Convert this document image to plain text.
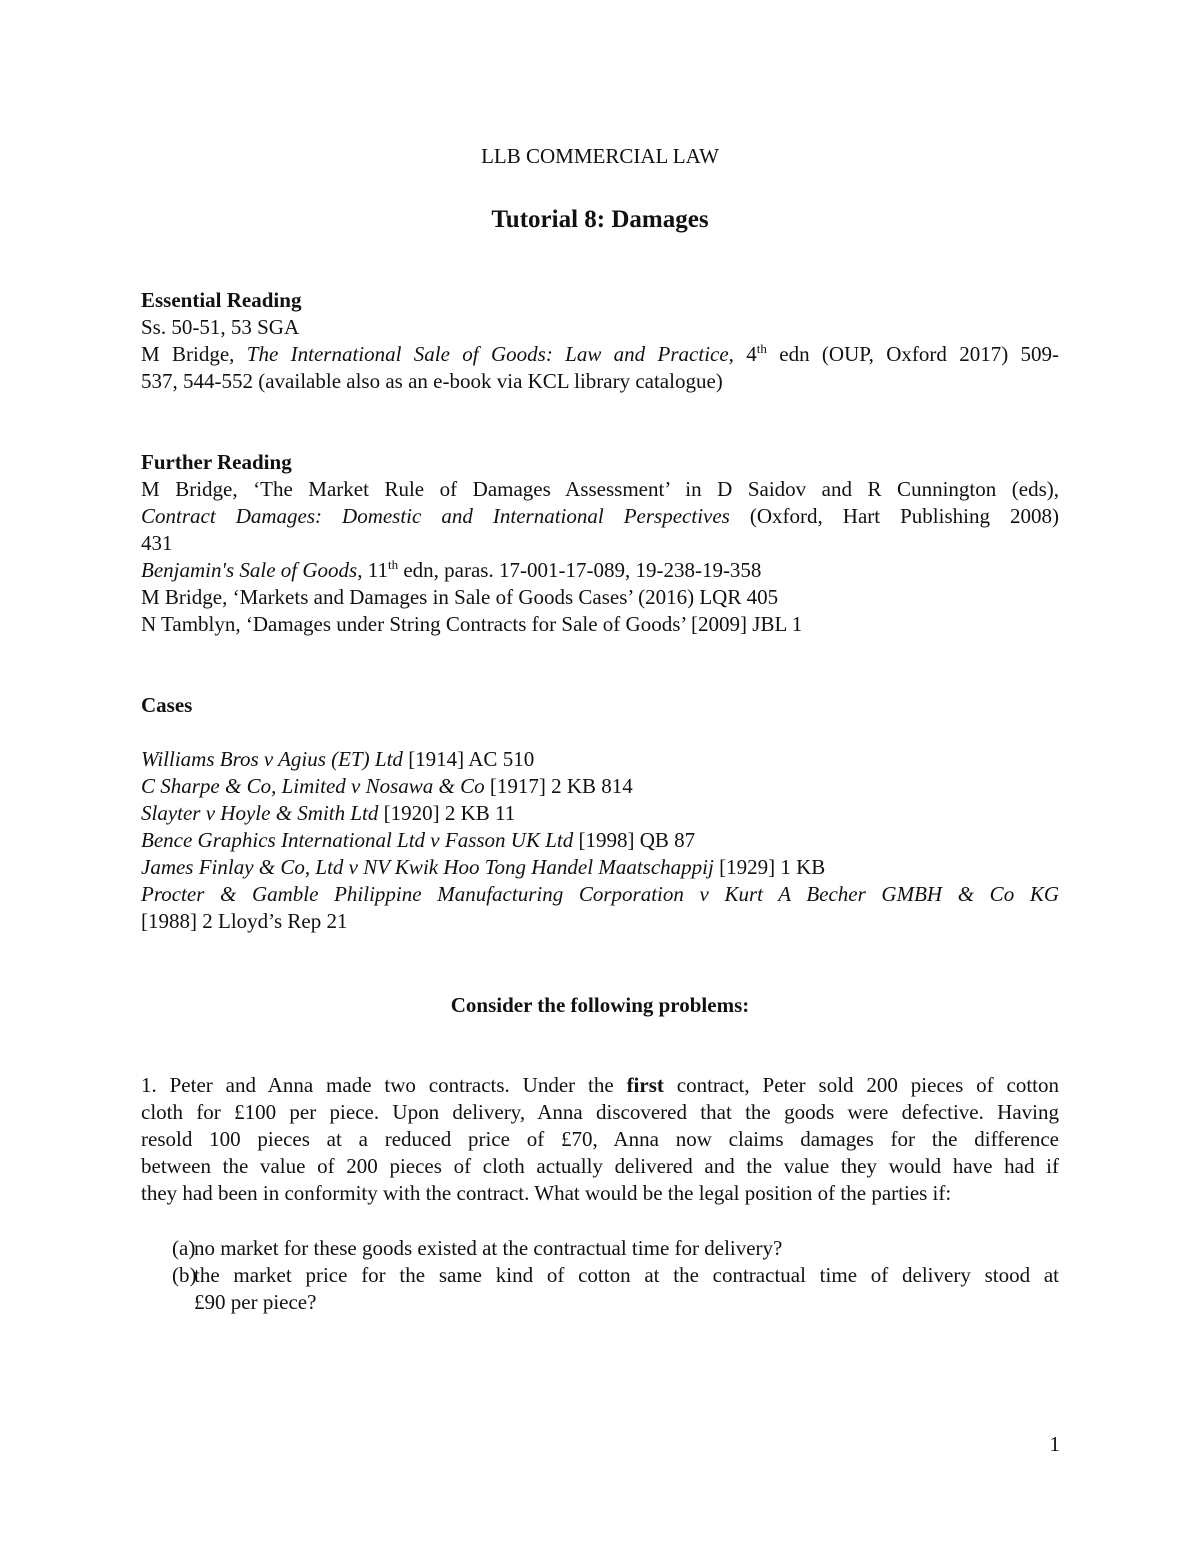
LLB COMMERCIAL LAW
Tutorial 8: Damages
Essential Reading
Ss. 50-51, 53 SGA
M Bridge, The International Sale of Goods: Law and Practice, 4th edn (OUP, Oxford 2017) 509-
537, 544-552 (available also as an e-book via KCL library catalogue)
Further Reading
M Bridge, ‘The Market Rule of Damages Assessment’ in D Saidov and R Cunnington (eds),
Contract Damages: Domestic and International Perspectives (Oxford, Hart Publishing 2008)
431
Benjamin's Sale of Goods, 11th edn, paras. 17-001-17-089, 19-238-19-358
M Bridge, ‘Markets and Damages in Sale of Goods Cases’ (2016) LQR 405
N Tamblyn, ‘Damages under String Contracts for Sale of Goods’ [2009] JBL 1
Cases
Williams Bros v Agius (ET) Ltd [1914] AC 510
C Sharpe & Co, Limited v Nosawa & Co [1917] 2 KB 814
Slayter v Hoyle & Smith Ltd [1920] 2 KB 11
Bence Graphics International Ltd v Fasson UK Ltd [1998] QB 87
James Finlay & Co, Ltd v NV Kwik Hoo Tong Handel Maatschappij [1929] 1 KB
Procter & Gamble Philippine Manufacturing Corporation v Kurt A Becher GMBH & Co KG
[1988] 2 Lloyd’s Rep 21
Consider the following problems:
1. Peter and Anna made two contracts. Under the first contract, Peter sold 200 pieces of cotton
cloth for £100 per piece. Upon delivery, Anna discovered that the goods were defective. Having
resold 100 pieces at a reduced price of £70, Anna now claims damages for the difference
between the value of 200 pieces of cloth actually delivered and the value they would have had if
they had been in conformity with the contract. What would be the legal position of the parties if:
(a)
no market for these goods existed at the contractual time for delivery?
(b)
the market price for the same kind of cotton at the contractual time of delivery stood at
£90 per piece?
1
